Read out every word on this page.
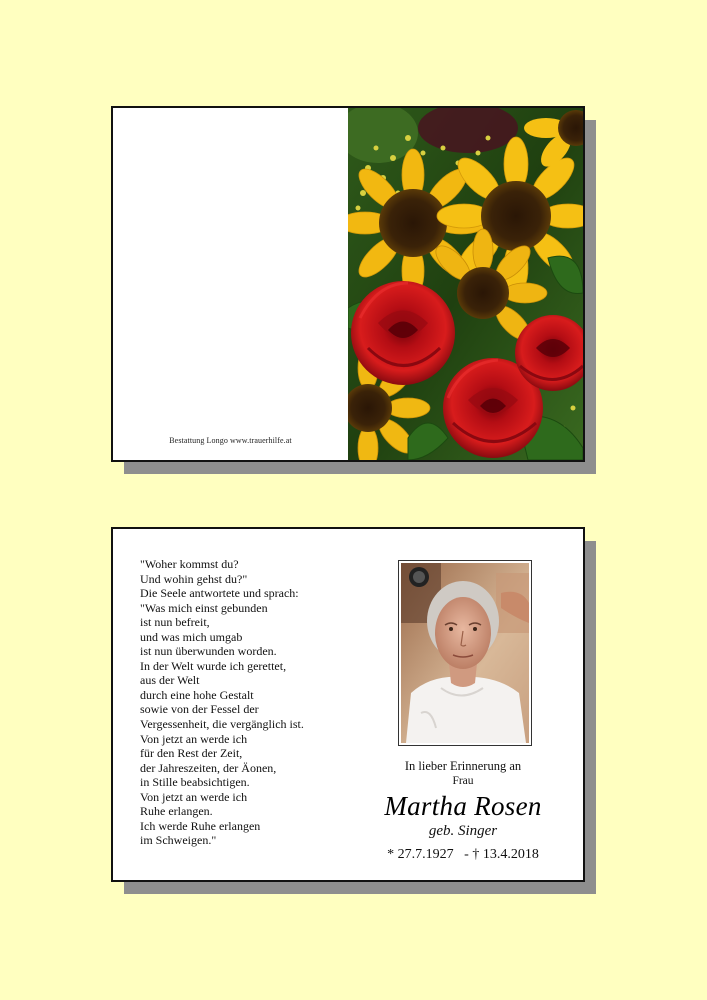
Bestattung Longo www.trauerhilfe.at
"Woher kommst du?
Und wohin gehst du?"
Die Seele antwortete und sprach:
"Was mich einst gebunden
ist nun befreit,
und was mich umgab
ist nun überwunden worden.
In der Welt wurde ich gerettet,
aus der Welt
durch eine hohe Gestalt
sowie von der Fessel der
Vergessenheit, die vergänglich ist.
Von jetzt an werde ich
für den Rest der Zeit,
der Jahreszeiten, der Äonen,
in Stille beabsichtigen.
Von jetzt an werde ich
Ruhe erlangen.
Ich werde Ruhe erlangen
im Schweigen."
In lieber Erinnerung an
Frau
Martha Rosen
geb. Singer
* 27.7.1927   - † 13.4.2018
